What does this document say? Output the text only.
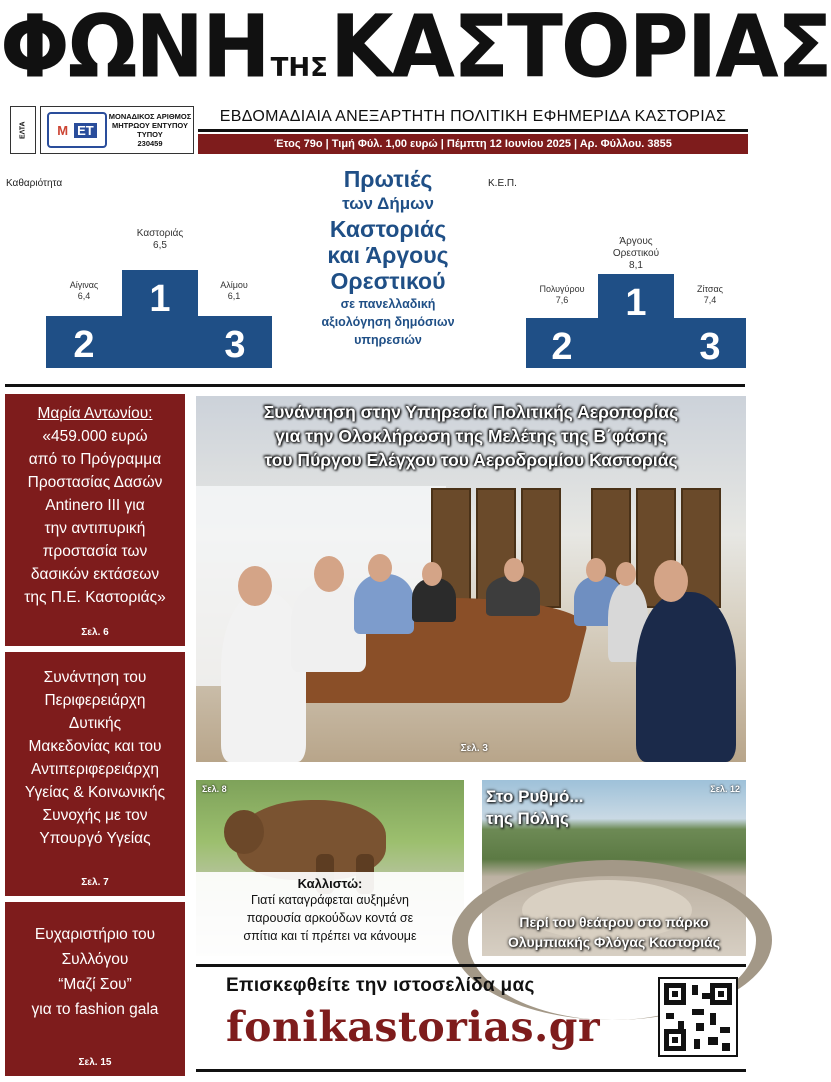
ΦΩΝΗΤΗΣΚΑΣΤΟΡΙΑΣ
ΕΛΤΑ	Μ ΕΤ
ΜΟΝΑΔΙΚΟΣ ΑΡΙΘΜΟΣ ΜΗΤΡΩΟΥ ΕΝΤΥΠΟΥ ΤΥΠΟΥ
230459
ΕΒΔΟΜΑΔΙΑΙΑ ΑΝΕΞΑΡΤΗΤΗ ΠΟΛΙΤΙΚΗ ΕΦΗΜΕΡΙΔΑ ΚΑΣΤΟΡΙΑΣ
Έτος 79ο | Τιμή Φύλ. 1,00 ευρώ | Πέμπτη 12 Ιουνίου 2025 | Αρ. Φύλλου. 3855
Καθαριότητα
Καστοριάς
6,5
Αίγινας
6,4
Αλίμου
6,1
1
2	3
Πρωτιές
των Δήμων
Καστοριάς
και Άργους
Ορεστικού
σε πανελλαδική
αξιολόγηση δημόσιων
υπηρεσιών
Κ.Ε.Π.
Άργους
Ορεστικού
8,1
Πολυγύρου
7,6
Ζίτσας
7,4
1
2	3
Μαρία Αντωνίου:
«459.000 ευρώ
από το Πρόγραμμα
Προστασίας Δασών
Antinero III για
την αντιπυρική
προστασία των
δασικών εκτάσεων
της Π.Ε. Καστοριάς»
Σελ. 6
Συνάντηση του
Περιφερειάρχη
Δυτικής
Μακεδονίας και του
Αντιπεριφερειάρχη
Υγείας & Κοινωνικής
Συνοχής με τον
Υπουργό Υγείας
Σελ. 7
Ευχαριστήριο του
Συλλόγου
“Μαζί Σου”
για το fashion gala
Σελ. 15
Συνάντηση στην Υπηρεσία Πολιτικής Αεροπορίας
για την Ολοκλήρωση της Μελέτης της Β΄φάσης
του Πύργου Ελέγχου του Αεροδρομίου Καστοριάς
Σελ. 3
Σελ. 8
Καλλιστώ:
Γιατί καταγράφεται αυξημένη
παρουσία αρκούδων κοντά σε
σπίτια και τί πρέπει να κάνουμε
Στο Ρυθμό...
της Πόλης
Σελ. 12
Περί του θεάτρου στο πάρκο
Ολυμπιακής Φλόγας Καστοριάς
Επισκεφθείτε την ιστοσελίδα μας
fonikastorias.gr
